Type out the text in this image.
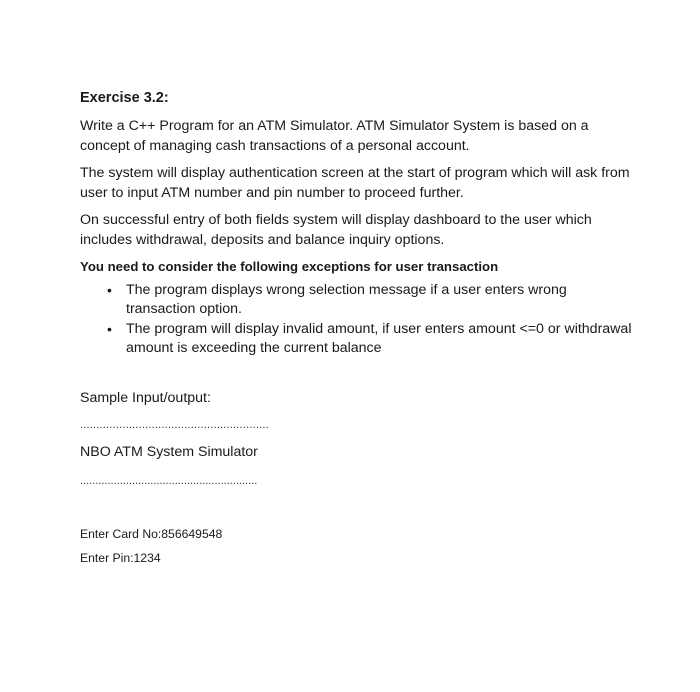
Exercise 3.2:

Write a C++ Program for an ATM Simulator. ATM Simulator System is based on a concept of managing cash transactions of a personal account.

The system will display authentication screen at the start of program which will ask from user to input ATM number and pin number to proceed further.

On successful entry of both fields system will display dashboard to the user which includes withdrawal, deposits and balance inquiry options.

You need to consider the following exceptions for user transaction
• The program displays wrong selection message if a user enters wrong transaction option.
• The program will display invalid amount, if user enters amount <=0 or withdrawal amount is exceeding the current balance
Sample Input/output:
..........................................................
NBO ATM System Simulator
..........................................................
Enter Card No:856649548
Enter Pin:1234
